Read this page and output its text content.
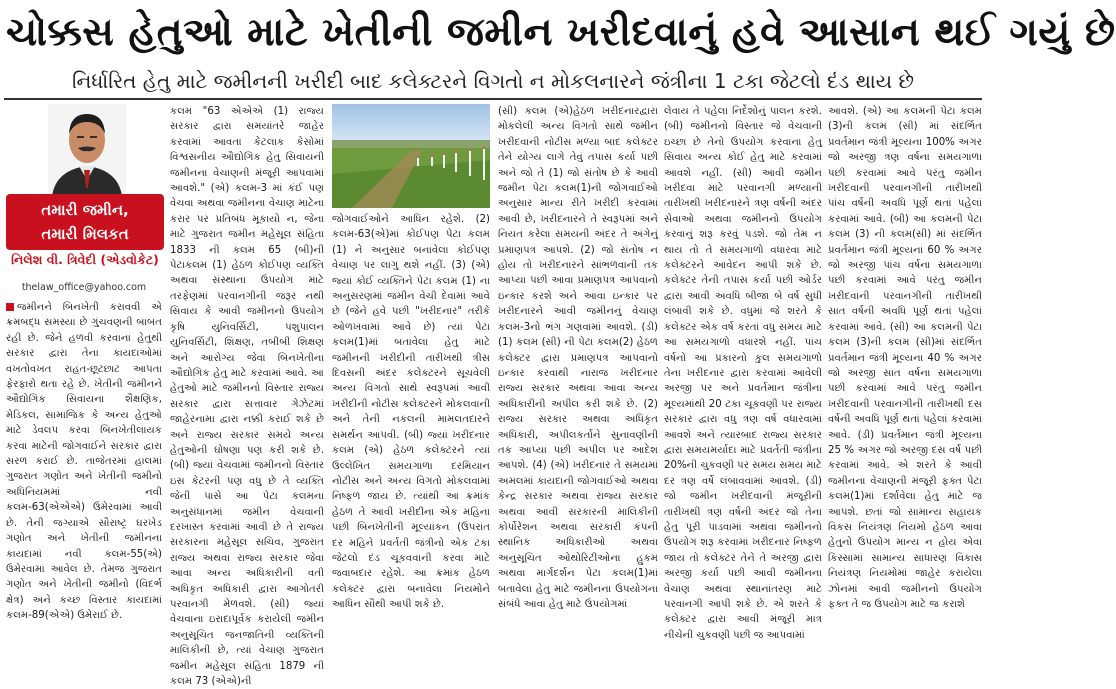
ચોક્કસ હેતુઓ માટે ખેતીની જમીન ખરીદવાનું હવે આસાન થઈ ગયું છે
નિર્ધારિત હેતુ માટે જમીનની ખરીદી બાદ કલેક્ટરને વિગતો ન મોકલનારને જંત્રીના 1 ટકા જેટલો દંડ થાય છે
તમારી જમીન,
તમારી મિલકત
નિલેશ વી. ત્રિવેદી (એડવોકેટ)
thelaw_office@yahoo.com

જમીનને બિનખેતી કરાવવી એ ક્રમબદ્ધ સમસ્યા છે ગુંચવણની બાબત રહી છે. જેને હળવી કરવાના હેતુથી સરકાર દ્વારા તેના કાયદાઓમાં વખતોવખત રાહત-છૂટછાટ આપતા ફેરફારો થતા રહે છે. ખેતીની જમીનને ઔદ્યોગિક સિવાયના શૈક્ષણિક, મેડિકલ, સામાજિક કે અન્ય હેતુઓ માટે ડેવલપ કરવા બિનખેતીલાયક કરવા માટેની જોગવાઈને સરકાર દ્વારા સરળ કરાઈ છે. તાજેતરમાં હાલમાં ગુજરાત ગણોત અને ખેતીની જમીનો અધિનિયમમાં નવી કલમ-63(એએએ) ઉમેરવામાં આવી છે. તેની જગ્યાએ સૌરાષ્ટ્ર ઘરખેડ ગણોત અને ખેતીની જમીનના કાયદામાં નવી કલમ-55(એ) ઉમેરવામાં આવેલ છે. તેમજ ગુજરાત ગણોત અને ખેતીની જમીનો (વિદર્ભ ક્ષેત્ર) અને કચ્છ વિસ્તાર કાયદામાં કલમ-89(એએ) ઉમેરાઈ છે.

કલમ "63 એએએ (1) રાજ્ય સરકાર દ્વારા સમયાંતરે જાહેર કરવામાં આવતા કેટલાક કેસોમાં વિશ્વસનીય ઔદ્યોગિક હેતુ સિવાયની જમીનના વેચાણની મંજૂરી આપવામાં આવશે." (એ) કલમ-3 માં કંઈ પણ વેચવા અથવા જમીનના વેચાણ માટેના કરાર પર પ્રતિબંધ મૂકાયો ન, જેના માટે ગુજરાત જમીન મહેસૂલ સંહિતા 1833 ની કલમ 65 (બી)ની પેટાકલમ (1) હેઠળ કોઈપણ વ્યક્તિ અથવા સંસ્થાના ઉપયોગ માટે તરફેણમાં પરવાનગીની જરૂર નથી સિવાય કે આવી જમીનનો ઉપયોગ કૃષિ યુનિવર્સિટી, પશુપાલન યુનિવર્સિટી, શિક્ષણ, તબીબી શિક્ષણ અને આરોગ્ય જેવા બિનખેતીના ઔદ્યોગિક હેતુ માટે કરવામાં આવે. આ હેતુઓ માટે જમીનનો વિસ્તાર રાજ્ય સરકાર દ્વારા સત્તાવાર ગેઝેટમાં જાહેરનામા દ્વારા નક્કી કરાઈ શકે છે અને રાજ્ય સરકાર સમયે અન્ય હેતુઓની ઘોષણા પણ કરી શકે છે. (બી) જ્યાં વેચવામાં જમીનનો વિસ્તાર ઇસ કેટરની પણ વધુ છે તે વ્યક્તિ જેની પાસે આ પેટા કલમના અનુસંધાનમાં જમીન વેચવાની દરખાસ્ત કરવામાં આવી છે તે રાજ્ય સરકારના મહેસૂલ સચિવ, ગુજરાત રાજ્ય અથવા રાજ્ય સરકાર જેવા આવા અન્ય અધિકારીની વતી અધિકૃત અધિકારી દ્વારા આગોતરી પરવાનગી મેળવશે. (સી) જ્યાં વેચવાના ઇરાદાપૂર્વક કરાયેલી જમીન અનુસૂચિત જનજાતિની વ્યક્તિની માલિકીની છે, ત્યાં વેચાણ ગુજરાત જમીન મહેસૂલ સંહિતા 1879 ની કલમ 73 (એએ)ની

જોગવાઈઓને આધિન રહેશે. (2) કલમ-63(એ)માં કોઈપણ પેટા કલમ (1) ને અનુસાર બનાવેલા કોઈપણ વેચાણ પર લાગુ થશે નહીં. (3) (એ) જ્યાં કોઈ વ્યક્તિને પેટા કલમ (1) ના અનુસરણમાં જમીન વેચી દેવામાં આવે છે (જેને હવે પછી "ખરીદનાર" તરીકે ઓળખવામાં આવે છે) ત્યાં પેટા કલમ(1)માં બતાવેલા હેતુ માટે જમીનની ખરીદીની તારીખથી ત્રીસ દિવસની અંદર કલેક્ટરને સૂચવેલી અન્ય વિગતો સાથે સ્વરૂપમાં આવી ખરીદીની નોટીસ કલેક્ટરને મોકલવાની અને તેની નકલની મામલતદારને સમર્થન આપવી. (બી) જ્યાં ખરીદનાર કલમ (એ) હેઠળ કલેક્ટરને ત્યાં ઉલ્લેખિત સમયગાળા દરમિયાન નોટીસ અને અન્ય વિગતો મોકલવામાં નિષ્ફળ જાય છે. ત્યાંથી આ ક્રમાંક હેઠળ તે આવી ખરીદીના એક મહિના પછી બિનખેતીની મૂલ્યાંકન (ઉપરાંત દર મહિને પ્રવર્તતી જંત્રીનો એક ટકા જેટલો દંડ ચૂકવવાની કરવા માટે જવાબદાર રહેશે. આ ક્રમાંક હેઠળ કલેક્ટર દ્વારા બનાવેલા નિયમોને આધિન સૌથી આપી શકે છે.

(સી) કલમ (એ)હેઠળ ખરીદનારદ્વારા મોકલેલી અન્ય વિગતો સાથે જમીન ખરીદવાની નોટીસ મળ્યા બાદ કલેક્ટર તેને યોગ્ય લાગે તેવું તપાસ કર્યા પછી અને જો તે (1) જો સંતોષ છે કે આવી જમીન પેટા કલમ(1)ની જોગવાઈઓ અનુસાર માન્ય રીતે ખરીદી કરવામાં આવી છે, ખરીદનારને તે સ્વરૂપમાં અને નિયત કરેલા સમયની અંદર તે અંગેનું પ્રમાણપત્ર આપશે. (2) જો સંતોષ ન હોય તો ખરીદનારને સાંભળવાની તક આપ્યા પછી આવા પ્રમાણપત્ર આપવાનો ઇન્કાર કરશે અને આવા ઇન્કાર પર ખરીદનારને આવી જમીનનું વેચાણ કલમ-3નો ભંગ ગણવામાં આવશે. (ડી) (1) કલમ (સી) ની પેટા કલમ(2) હેઠળ કલેક્ટર દ્વારા પ્રમાણપત્ર આપવાનો ઇન્કાર કરવાથી નારાજ ખરીદનાર રાજ્ય સરકાર અથવા આવા અન્ય અધિકારીની અપીલ કરી શકે છે. (2) રાજ્ય સરકાર અથવા અધિકૃત અધિકારી, અપીલકર્તાને સુનાવણીની તક આપ્યા પછી અપીલ પર આદેશ આપશે. (4) (એ) ખરીદનાર તે સમયમાં અમલમાં કાયદાની જોગવાઈઓ અથવા કેન્દ્ર સરકાર અથવા રાજ્ય સરકાર અથવા આવી સરકારની માલિકીની કોર્પોરેશન અથવા સરકારી કંપની સ્થાનિક અધિકારીઓ અથવા અનુસૂચિત ઓથોરિટીઓના હુકમ અથવા માર્ગદર્શન પેટા કલમ(1)માં બતાવેલા હેતુ માટે જમીનના ઉપયોગના સંબંધે આવા હેતુ માટે ઉપયોગમાં

લેવાય તે પહેલા નિર્દેશોનું પાલન કરશે. (બી) જમીનનો વિસ્તાર જે વેચવાની ઇચ્છા છે તેનો ઉપયોગ કરવાના હેતુ સિવાય અન્ય કોઈ હેતુ માટે કરવામાં આવશે નહીં. (સી) આવી જમીન ખરીદવા માટે પરવાનગી મળ્યાની તારીખથી ખરીદનારને ત્રણ વર્ષની અંદર સેવાઓ અથવા જમીનનો ઉપયોગ કરવાનું શરૂ કરવું પડશે. જો તેમ ન થાય તો તે સમયગાળો વધારવા માટે કલેક્ટરને આવેદન આપી શકે છે. કલેક્ટર તેની તપાસ કર્યા પછી ઓર્ડર દ્વારા આવી અવધિ બીજા બે વર્ષ સુધી લંબાવી શકે છે. વધુમાં જે શરતે કે કલેક્ટર એક વર્ષ કરતાં વધુ સમય માટે આ સમયગાળો વધારશે નહીં. પાંચ વર્ષનો આ પ્રકારનો કુલ સમયગાળો તેના ખરીદનાર દ્વારા કરવામાં આવેલી અરજી પર અને પ્રવર્તમાન જંત્રીના મૂલ્યમાંથી 20 ટકા ચૂકવણી પર રાજ્ય સરકાર દ્વારા વધુ ત્રણ વર્ષ વધારવામાં આવશે અને ત્યારબાદ રાજ્ય સરકાર દ્વારા સમયમર્યાદા માટે પ્રવર્તતી જંત્રીના 20%ની ચુકવણી પર સમય સમય માટે દર ત્રણ વર્ષે લંબાવવામાં આવશે. (ડી) જો જમીન ખરીદવાની મંજૂરીની તારીખથી ત્રણ વર્ષની અંદર જો તેના હેતુ પૂરી પાડવામાં અથવા જમીનનો ઉપયોગ શરૂ કરવામાં ખરીદનાર નિષ્ફળ જાય તો કલેક્ટર તેને તે અરજી દ્વારા અરજી કર્યા પછી આવી જમીનના વેચાણ અથવા સ્થાનાંતરણ માટે પરવાનગી આપી શકે છે. એ શરતે કે કલેક્ટર દ્વારા આવી મંજૂરી માત્ર નીચેની ચુકવણી પછી જ આપવામાં

આવશે. (એ) આ કલમની પેટા કલમ (3)ની કલમ (સી) માં સંદર્ભિત પ્રવર્તમાન જંત્રી મૂલ્યના 100% અગર જો અરજી ત્રણ વર્ષના સમયગાળા પછી કરવામાં આવે પરંતુ જમીન ખરીદવાની પરવાનગીની તારીખથી પાંચ વર્ષની અવધિ પૂર્ણ થતાં પહેલાં કરવામાં આવે. (બી) આ કલમની પેટા કલમ (3) ની કલમ(સી) માં સંદર્ભિત પ્રવર્તમાન જંત્રી મૂલ્યના 60 % અગર જો અરજી પાંચ વર્ષના સમયગાળા પછી કરવામાં આવે પરંતુ જમીન ખરીદવાની પરવાનગીની તારીખથી સાત વર્ષની અવધિ પૂર્ણ થતાં પહેલાં કરવામાં આવે. (સી) આ કલમની પેટા કલમ (3)ની કલમ (સી)માં સંદર્ભિત પ્રવર્તમાન જંત્રી મૂલ્યના 40 % અગર જો અરજી સાત વર્ષના સમયગાળા પછી કરવામાં આવે પરંતુ જમીન ખરીદવાની પરવાનગીની તારીખથી દસ વર્ષની અવધિ પૂર્ણ થતાં પહેલાં કરવામાં આવે. (ડી) પ્રવર્તમાન જંત્રી મૂલ્યના 25 % અગર જો અરજી દસ વર્ષ પછી કરવામાં આવે. એ શરતે કે આવી જમીનના વેચાણની મંજૂરી ફક્ત પેટા કલમ(1)માં દર્શાવેલા હેતુ માટે જ આપશે. છતાં જો સામાન્ય સહાયક વિકસ નિયંત્રણ નિયમો હેઠળ આવા હેતુનો ઉપયોગ માન્ય ન હોય એવા કિસ્સામાં સામાન્ય સાધારણ વિકાસ નિયંત્રણ નિયમોમાં જાહેર કરાયેલા ઝોનમાં આવી જમીનનો ઉપયોગ ફક્ત તે જ ઉપયોગ માટે જ કરાશે
